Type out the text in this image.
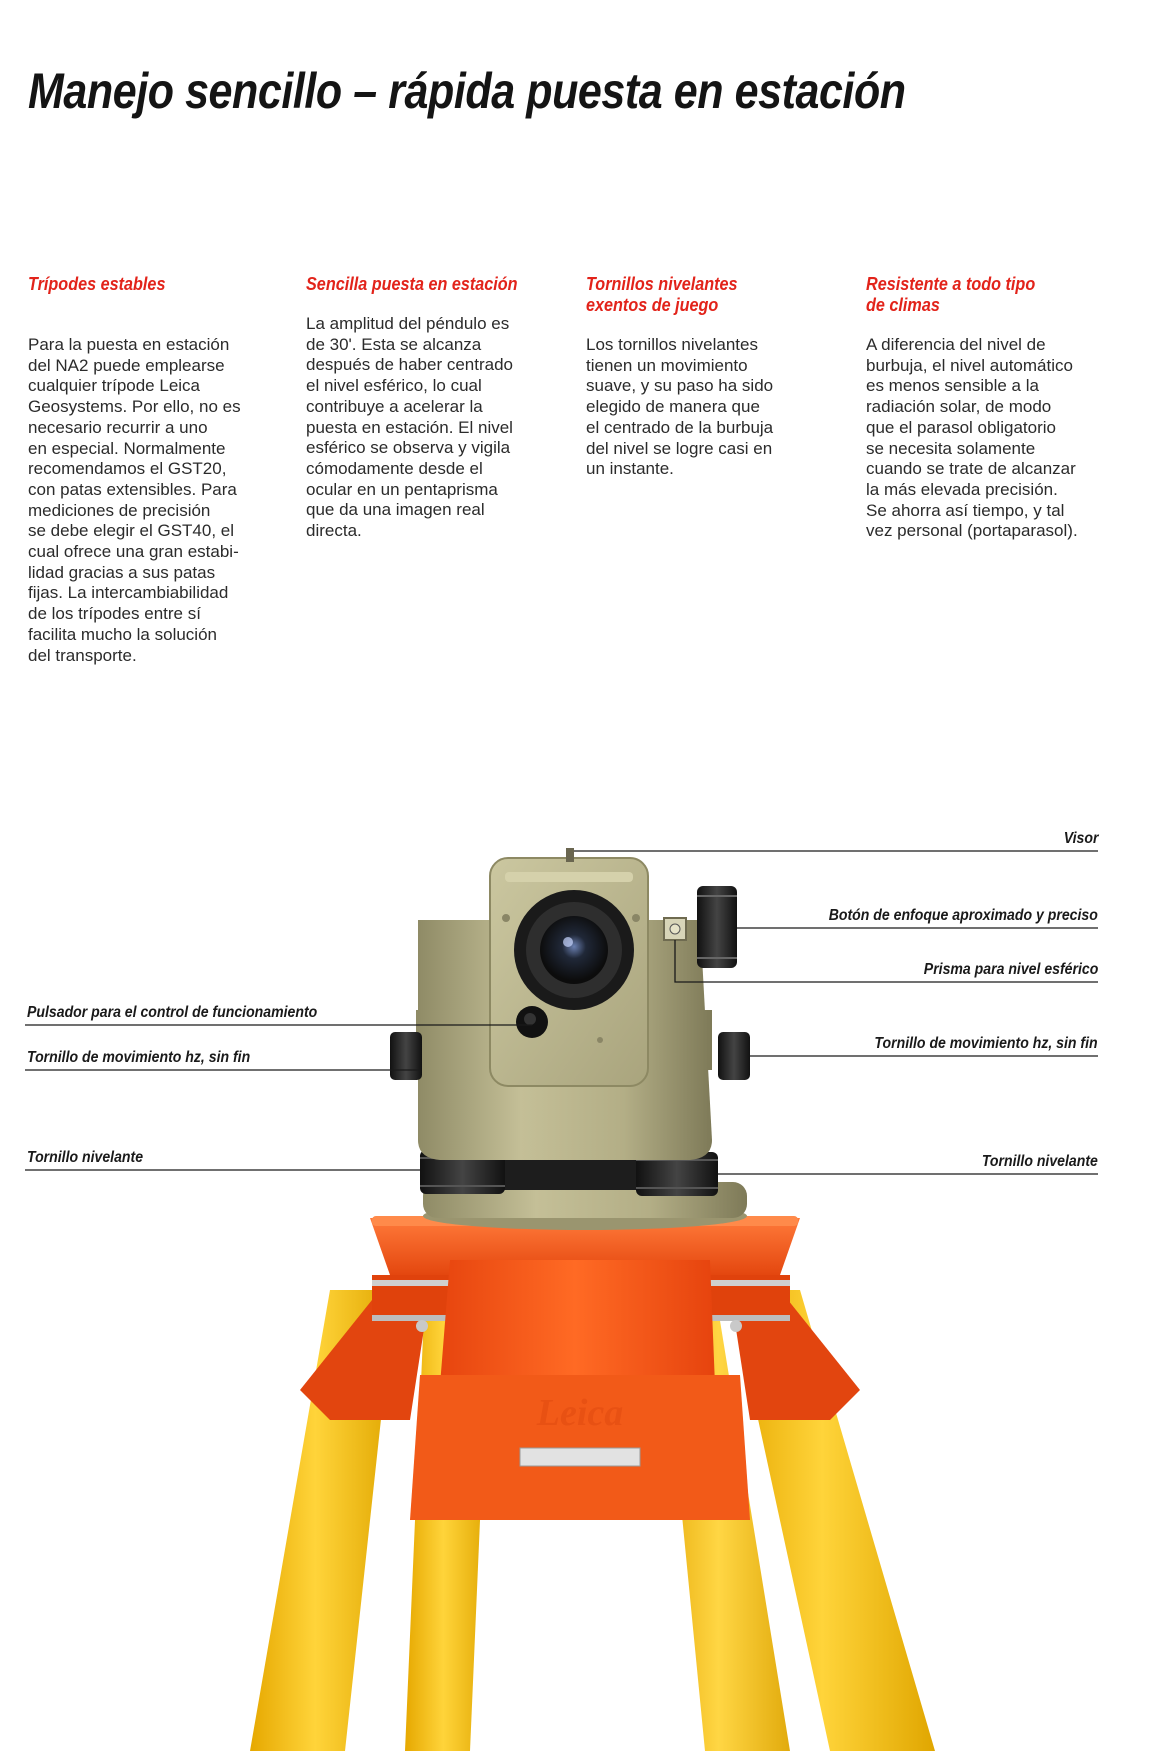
Manejo sencillo – rápida puesta en estación
Trípodes estables

Para la puesta en estación
del NA2 puede emplearse
cualquier trípode Leica
Geosystems. Por ello, no es
necesario recurrir a uno
en especial. Normalmente
recomendamos el GST20,
con patas extensibles. Para
mediciones de precisión
se debe elegir el GST40, el
cual ofrece una gran estabi-
lidad gracias a sus patas
fijas. La intercambiabilidad
de los trípodes entre sí
facilita mucho la solución
del transporte.

Sencilla puesta en estación

La amplitud del péndulo es
de 30'. Esta se alcanza
después de haber centrado
el nivel esférico, lo cual
contribuye a acelerar la
puesta en estación. El nivel
esférico se observa y vigila
cómodamente desde el
ocular en un pentaprisma
que da una imagen real
directa.

Tornillos nivelantes
exentos de juego

Los tornillos nivelantes
tienen un movimiento
suave, y su paso ha sido
elegido de manera que
el centrado de la burbuja
del nivel se logre casi en
un instante.

Resistente a todo tipo
de climas

A diferencia del nivel de
burbuja, el nivel automático
es menos sensible a la
radiación solar, de modo
que el parasol obligatorio
se necesita solamente
cuando se trate de alcanzar
la más elevada precisión.
Se ahorra así tiempo, y tal
vez personal (portaparasol).

Leica
Visor
Botón de enfoque aproximado y preciso
Prisma para nivel esférico
Tornillo de movimiento hz, sin fin
Tornillo nivelante
Pulsador para el control de funcionamiento
Tornillo de movimiento hz, sin fin
Tornillo nivelante
